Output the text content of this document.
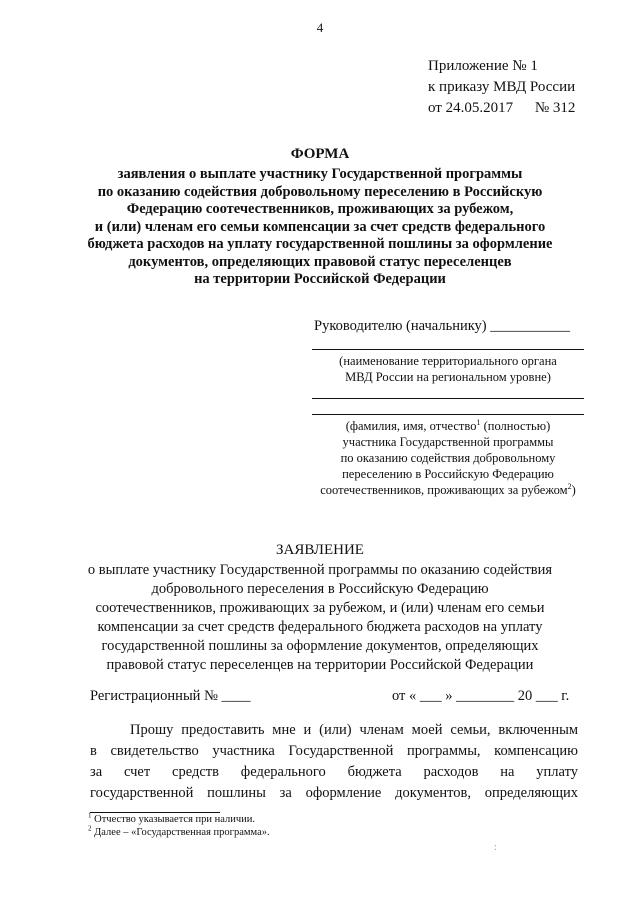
4
Приложение № 1
к приказу МВД России
от 24.05.2017 № 312
ФОРМА
заявления о выплате участнику Государственной программы
по оказанию содействия добровольному переселению в Российскую
Федерацию соотечественников, проживающих за рубежом,
и (или) членам его семьи компенсации за счет средств федерального
бюджета расходов на уплату государственной пошлины за оформление
документов, определяющих правовой статус переселенцев
на территории Российской Федерации
Руководителю (начальнику) ___________
(наименование территориального органа
МВД России на региональном уровне)
(фамилия, имя, отчество$^1$ (полностью)
участника Государственной программы
по оказанию содействия добровольному
переселению в Российскую Федерацию
соотечественников, проживающих за рубежом$^2$)
ЗАЯВЛЕНИЕ
о выплате участнику Государственной программы по оказанию содействия
добровольного переселения в Российскую Федерацию
соотечественников, проживающих за рубежом, и (или) членам его семьи
компенсации за счет средств федерального бюджета расходов на уплату
государственной пошлины за оформление документов, определяющих
правовой статус переселенцев на территории Российской Федерации
Регистрационный № ____	от « ___ » ________ 20 ___ г.
Прошу предоставить мне и (или) членам моей семьи, включенным
в свидетельство участника Государственной программы, компенсацию
за счет средств федерального бюджета расходов на уплату
государственной пошлины за оформление документов, определяющих
$^1$ Отчество указывается при наличии.
$^2$ Далее – «Государственная программа».
:
